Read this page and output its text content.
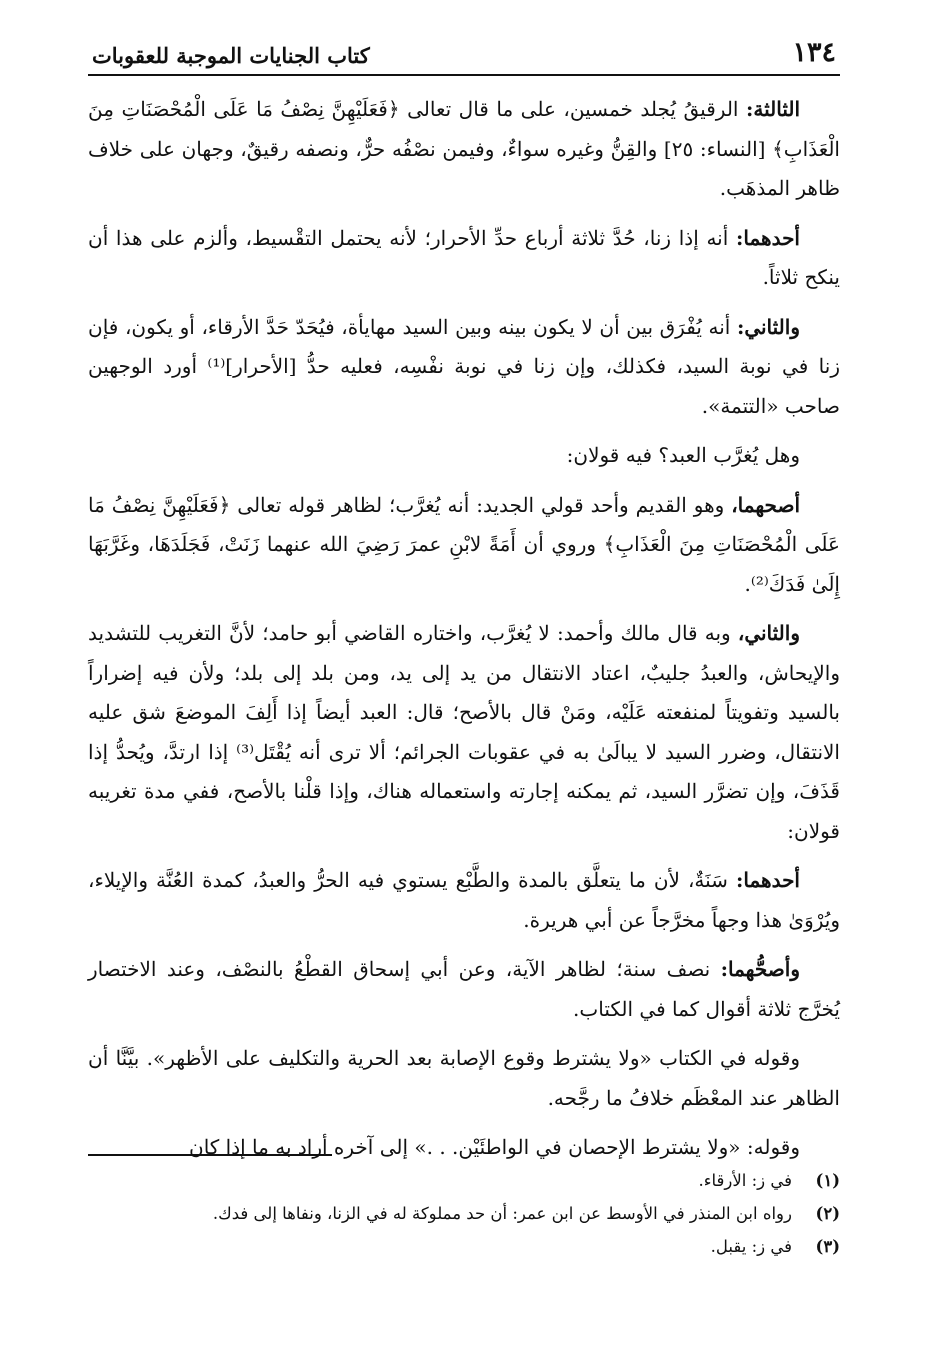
١٣٤
كتاب الجنايات الموجبة للعقوبات

الثالثة: الرقيقُ يُجلد خمسين، على ما قال تعالى ﴿فَعَلَيْهِنَّ نِصْفُ مَا عَلَى الْمُحْصَنَاتِ مِنَ الْعَذَابِ﴾ [النساء: ٢٥] والقِنُّ وغيره سواءٌ، وفيمن نصْفُه حرٌّ، ونصفه رقيقٌ، وجهان على خلاف ظاهر المذهَب.

أحدهما: أنه إذا زنا، حُدَّ ثلاثة أرباع حدِّ الأحرار؛ لأنه يحتمل التقْسيط، وألزم على هذا أن ينكح ثلاثاً.

والثاني: أنه يُفْرَق بين أن لا يكون بينه وبين السيد مهايأة، فيُحَدّ حَدَّ الأرقاء، أو يكون، فإن زنا في نوبة السيد، فكذلك، وإن زنا في نوبة نفْسِه، فعليه حدُّ [الأحرار]⁽¹⁾ أورد الوجهين صاحب «التتمة».

وهل يُغرَّب العبد؟ فيه قولان:

أصحهما، وهو القديم وأحد قولي الجديد: أنه يُغرَّب؛ لظاهر قوله تعالى ﴿فَعَلَيْهِنَّ نِصْفُ مَا عَلَى الْمُحْصَنَاتِ مِنَ الْعَذَابِ﴾ وروي أن أَمَةً لابْنِ عمرَ رَضِيَ الله عنهما زَنَتْ، فَجَلَدَهَا، وغَرَّبَهَا إِلَىٰ فَدَكَ⁽²⁾.

والثاني، وبه قال مالك وأحمد: لا يُغرَّب، واختاره القاضي أبو حامد؛ لأنَّ التغريب للتشديد والإيحاش، والعبدُ جليبٌ، اعتاد الانتقال من يد إلى يد، ومن بلد إلى بلد؛ ولأن فيه إضراراً بالسيد وتفويتاً لمنفعته عَلَيْه، ومَنْ قال بالأصح؛ قال: العبد أيضاً إذا أَلِفَ الموضعَ شق عليه الانتقال، وضرر السيد لا يبالَىٰ به في عقوبات الجرائم؛ ألا ترى أنه يُقْتَل⁽³⁾ إذا ارتدَّ، ويُحدُّ إذا قَذَفَ، وإن تضرَّر السيد، ثم يمكنه إجارته واستعماله هناك، وإذا قلْنا بالأصح، ففي مدة تغريبه قولان:

أحدهما: سَنَةٌ، لأن ما يتعلَّق بالمدة والطَّبْع يستوي فيه الحرُّ والعبدُ، كمدة العُنَّة والإيلاء، ويُرْوَىٰ هذا وجهاً مخرَّجاً عن أبي هريرة.

وأصحُّهما: نصف سنة؛ لظاهر الآية، وعن أبي إسحاق القطْعُ بالنصْف، وعند الاختصار يُخرَّج ثلاثة أقوال كما في الكتاب.

وقوله في الكتاب «ولا يشترط وقوع الإصابة بعد الحرية والتكليف على الأظهر». بيَّنَّا أن الظاهر عند المعْظَم خلافُ ما رجَّحه.

وقوله: «ولا يشترط الإحصان في الواطئَيْن. . .» إلى آخره أراد به ما إذا كان

(١)
في ز: الأرقاء.
(٢)
رواه ابن المنذر في الأوسط عن ابن عمر: أن حد مملوكة له في الزنا، ونفاها إلى فدك.
(٣)
في ز: يقبل.
